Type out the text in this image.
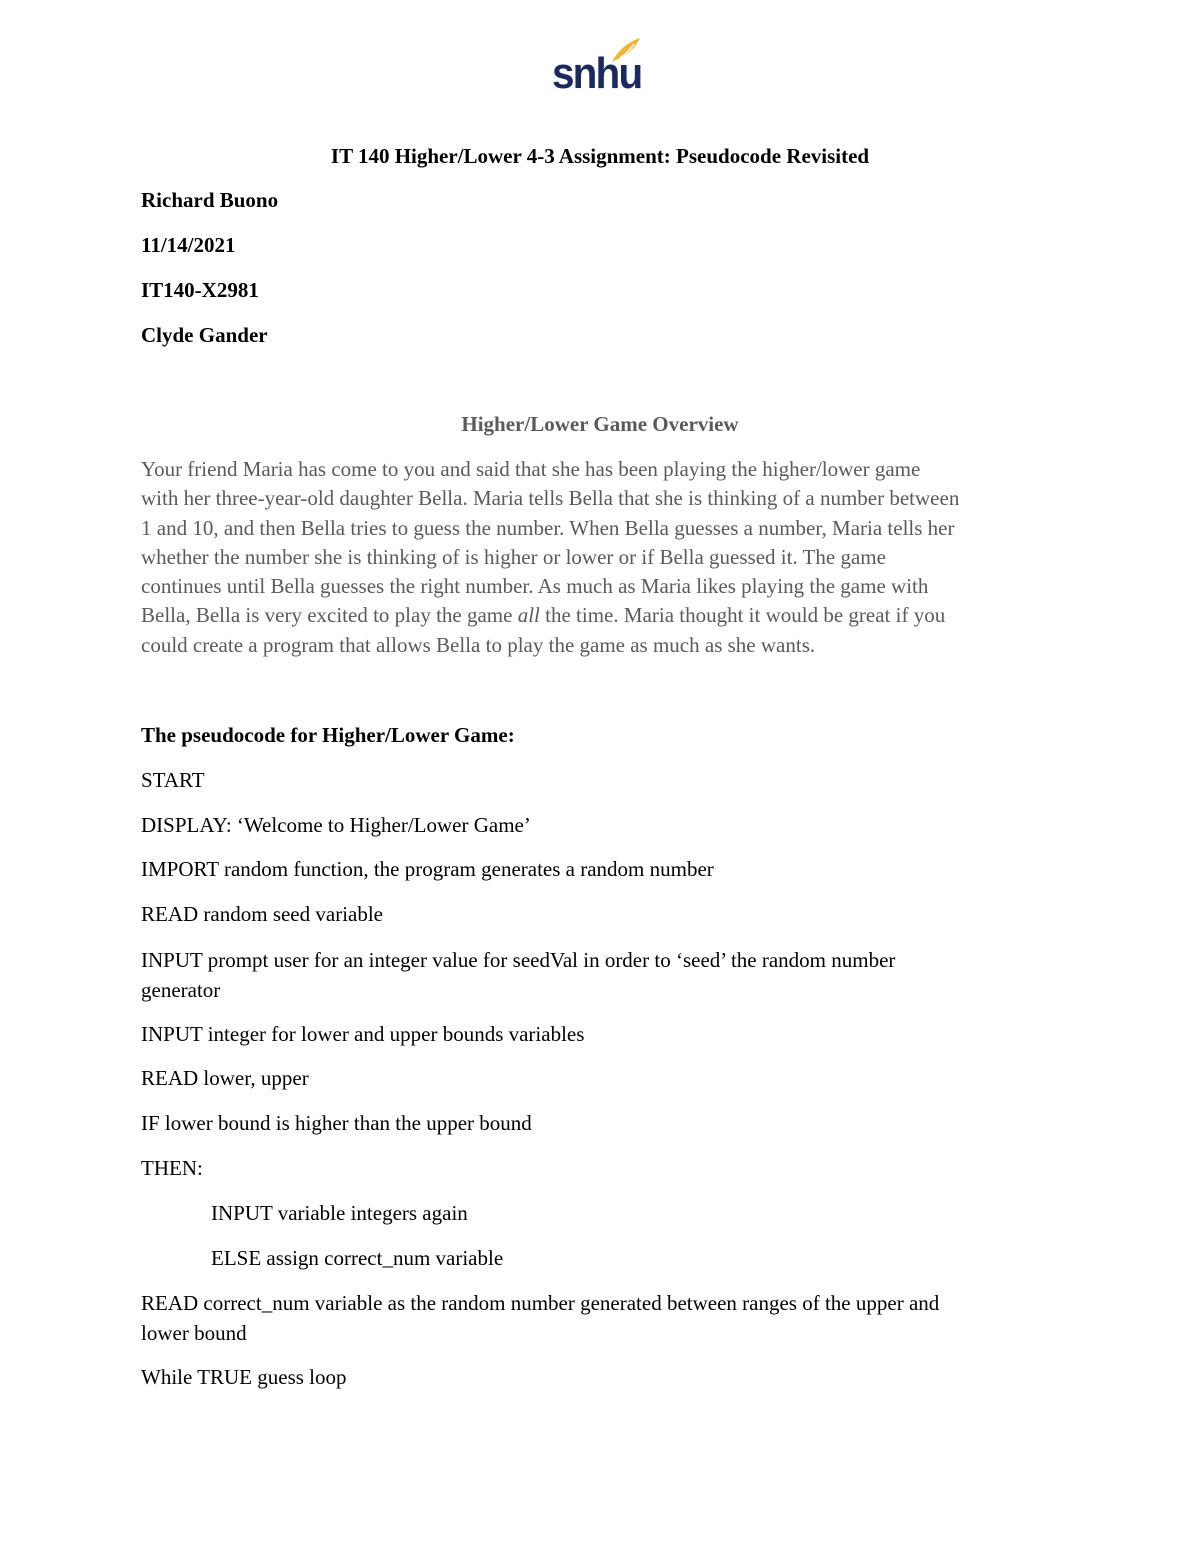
snhu
IT 140 Higher/Lower 4-3 Assignment: Pseudocode Revisited
Richard Buono
11/14/2021
IT140-X2981
Clyde Gander
Higher/Lower Game Overview
Your friend Maria has come to you and said that she has been playing the higher/lower game
with her three-year-old daughter Bella. Maria tells Bella that she is thinking of a number between
1 and 10, and then Bella tries to guess the number. When Bella guesses a number, Maria tells her
whether the number she is thinking of is higher or lower or if Bella guessed it. The game
continues until Bella guesses the right number. As much as Maria likes playing the game with
Bella, Bella is very excited to play the game all the time. Maria thought it would be great if you
could create a program that allows Bella to play the game as much as she wants.
The pseudocode for Higher/Lower Game:
START
DISPLAY: ‘Welcome to Higher/Lower Game’
IMPORT random function, the program generates a random number
READ random seed variable
INPUT prompt user for an integer value for seedVal in order to ‘seed’ the random number
generator
INPUT integer for lower and upper bounds variables
READ lower, upper
IF lower bound is higher than the upper bound
THEN:
INPUT variable integers again
ELSE assign correct_num variable
READ correct_num variable as the random number generated between ranges of the upper and
lower bound
While TRUE guess loop
